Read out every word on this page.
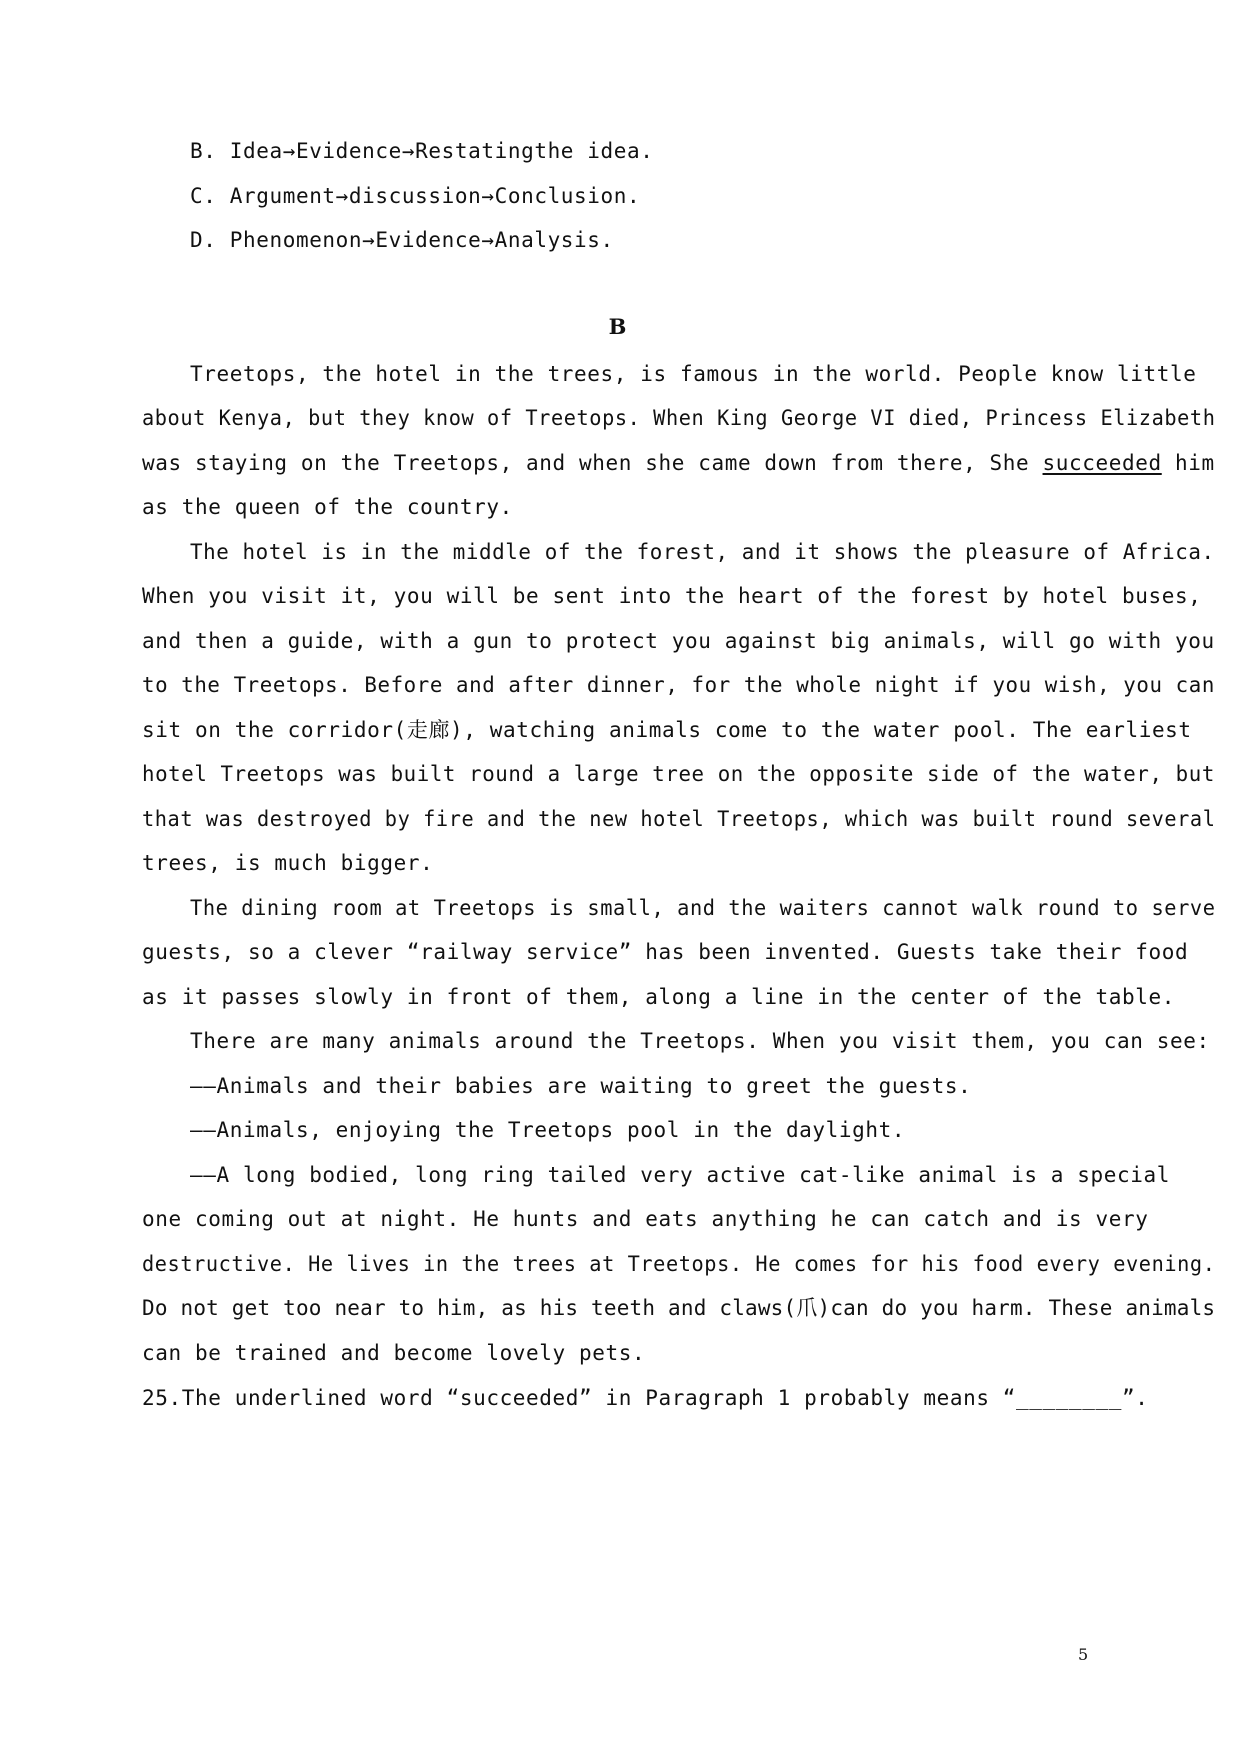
B. Idea→Evidence→Restatingthe idea.
C. Argument→discussion→Conclusion.
D. Phenomenon→Evidence→Analysis.
B
Treetops, the hotel in the trees, is famous in the world. People know little
about Kenya, but they know of Treetops. When King George VI died, Princess Elizabeth
was staying on the Treetops, and when she came down from there, She succeeded him
as the queen of the country.
The hotel is in the middle of the forest, and it shows the pleasure of Africa.
When you visit it, you will be sent into the heart of the forest by hotel buses,
and then a guide, with a gun to protect you against big animals, will go with you
to the Treetops. Before and after dinner, for the whole night if you wish, you can
sit on the corridor(走廊), watching animals come to the water pool. The earliest
hotel Treetops was built round a large tree on the opposite side of the water, but
that was destroyed by fire and the new hotel Treetops, which was built round several
trees, is much bigger.
The dining room at Treetops is small, and the waiters cannot walk round to serve
guests, so a clever “railway service” has been invented. Guests take their food
as it passes slowly in front of them, along a line in the center of the table.
There are many animals around the Treetops. When you visit them, you can see:
——Animals and their babies are waiting to greet the guests.
——Animals, enjoying the Treetops pool in the daylight.
——A long bodied, long ring tailed very active cat-like animal is a special
one coming out at night. He hunts and eats anything he can catch and is very
destructive. He lives in the trees at Treetops. He comes for his food every evening.
Do not get too near to him, as his teeth and claws(爪)can do you harm. These animals
can be trained and become lovely pets.
25.The underlined word “succeeded” in Paragraph 1 probably means “________”.
5
